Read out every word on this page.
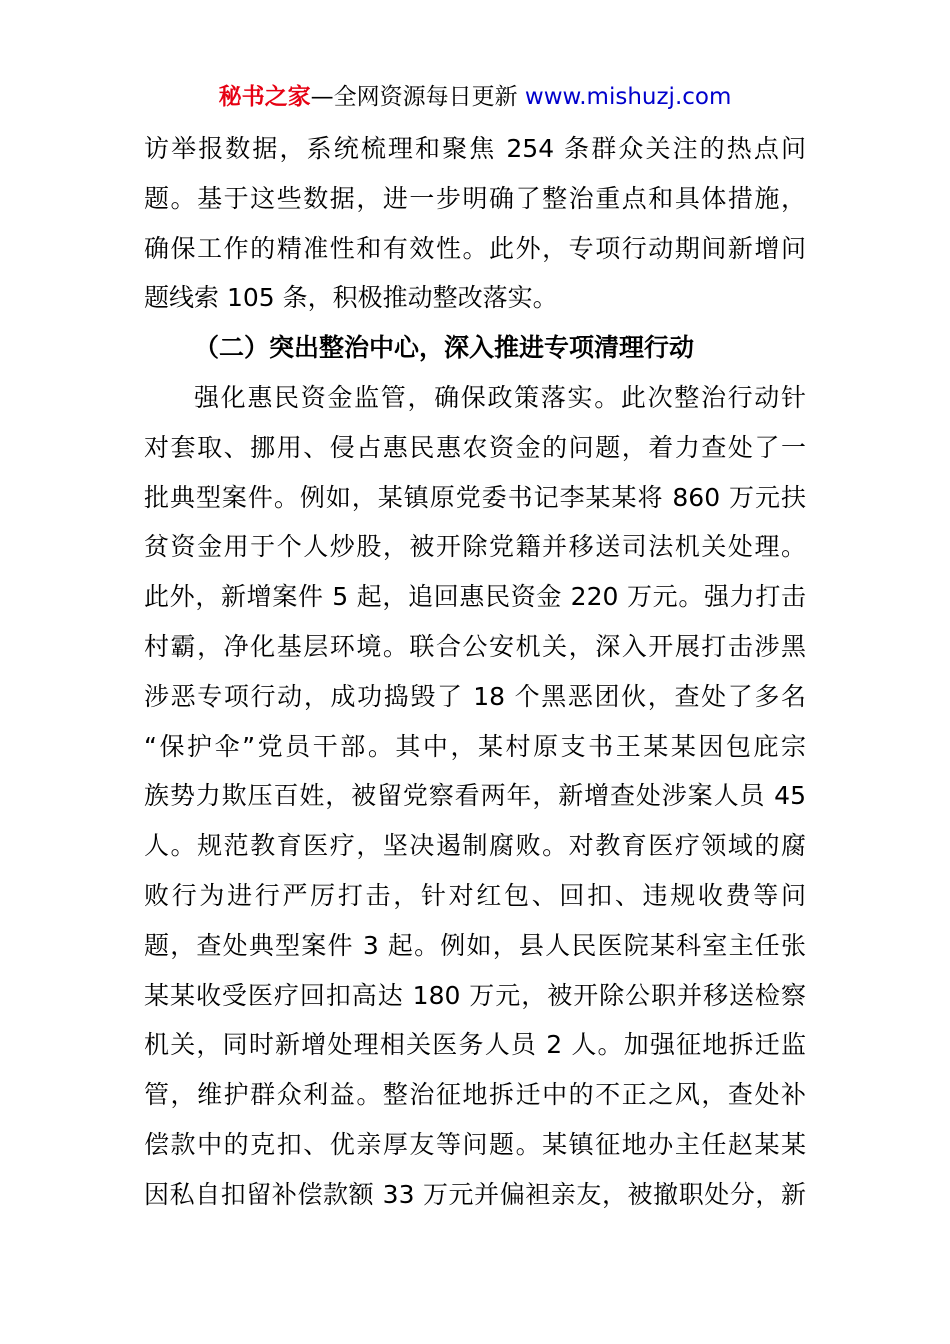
秘书之家—全网资源每日更新 www.mishuzj.com
访举报数据，系统梳理和聚焦 254 条群众关注的热点问
题。基于这些数据，进一步明确了整治重点和具体措施，
确保工作的精准性和有效性。此外，专项行动期间新增问
题线索 105 条，积极推动整改落实。
（二）突出整治中心，深入推进专项清理行动
强化惠民资金监管，确保政策落实。此次整治行动针
对套取、挪用、侵占惠民惠农资金的问题，着力查处了一
批典型案件。例如，某镇原党委书记李某某将 860 万元扶
贫资金用于个人炒股，被开除党籍并移送司法机关处理。
此外，新增案件 5 起，追回惠民资金 220 万元。强力打击
村霸，净化基层环境。联合公安机关，深入开展打击涉黑
涉恶专项行动，成功捣毁了 18 个黑恶团伙，查处了多名
“保护伞”党员干部。其中，某村原支书王某某因包庇宗
族势力欺压百姓，被留党察看两年，新增查处涉案人员 45
人。规范教育医疗，坚决遏制腐败。对教育医疗领域的腐
败行为进行严厉打击，针对红包、回扣、违规收费等问
题，查处典型案件 3 起。例如，县人民医院某科室主任张
某某收受医疗回扣高达 180 万元，被开除公职并移送检察
机关，同时新增处理相关医务人员 2 人。加强征地拆迁监
管，维护群众利益。整治征地拆迁中的不正之风，查处补
偿款中的克扣、优亲厚友等问题。某镇征地办主任赵某某
因私自扣留补偿款额 33 万元并偏袒亲友，被撤职处分，新
